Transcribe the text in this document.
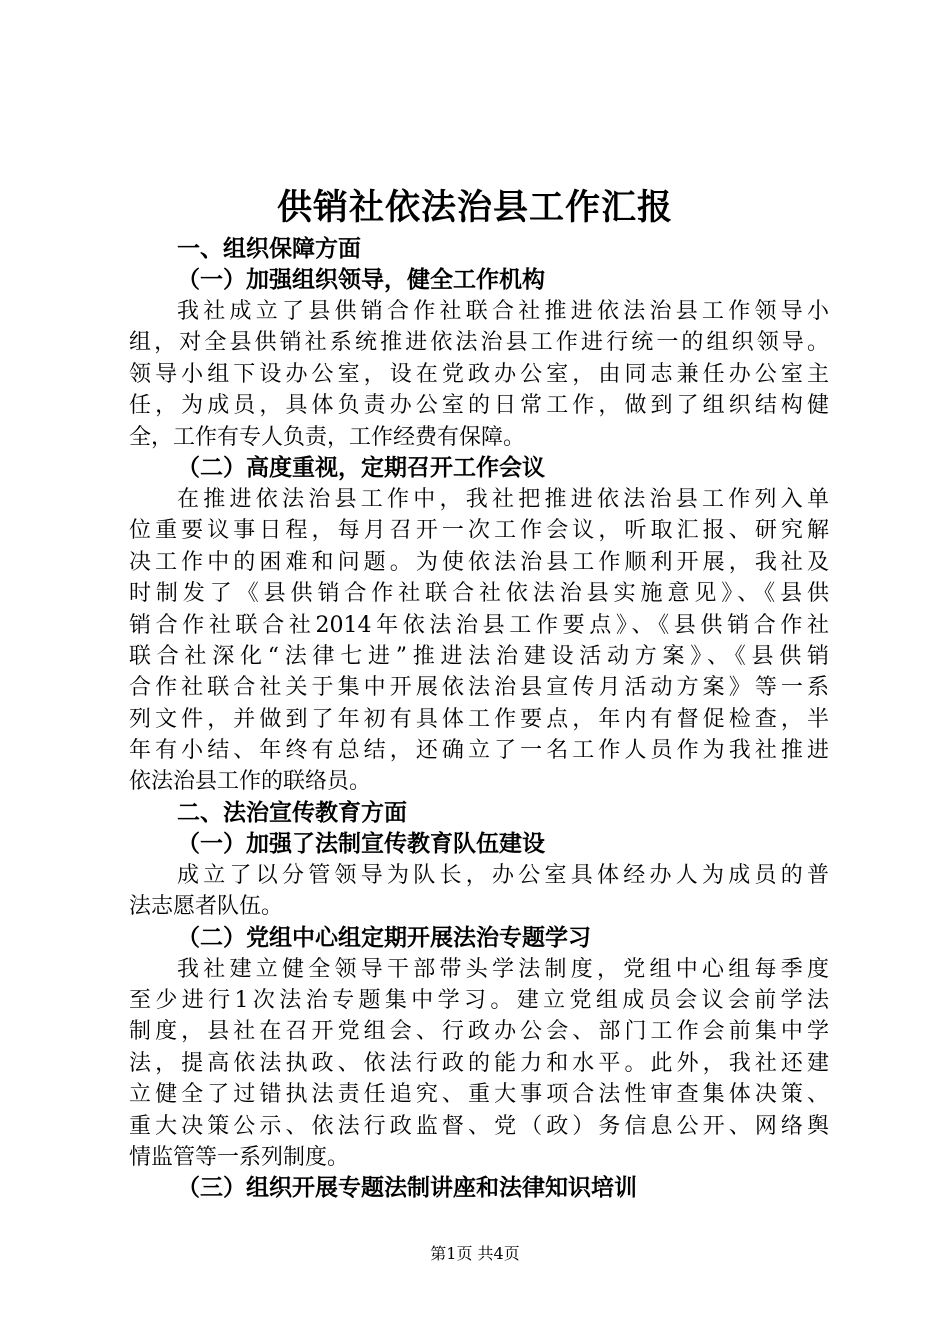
供销社依法治县工作汇报
一、组织保障方面
（一）加强组织领导，健全工作机构
我社成立了县供销合作社联合社推进依法治县工作领导小
组，对全县供销社系统推进依法治县工作进行统一的组织领导。
领导小组下设办公室，设在党政办公室，由同志兼任办公室主
任，为成员，具体负责办公室的日常工作，做到了组织结构健
全，工作有专人负责，工作经费有保障。
（二）高度重视，定期召开工作会议
在推进依法治县工作中，我社把推进依法治县工作列入单
位重要议事日程，每月召开一次工作会议，听取汇报、研究解
决工作中的困难和问题。为使依法治县工作顺利开展，我社及
时制发了《县供销合作社联合社依法治县实施意见》、《县供
销合作社联合社2014年依法治县工作要点》、《县供销合作社
联合社深化“法律七进”推进法治建设活动方案》、《县供销
合作社联合社关于集中开展依法治县宣传月活动方案》等一系
列文件，并做到了年初有具体工作要点，年内有督促检查，半
年有小结、年终有总结，还确立了一名工作人员作为我社推进
依法治县工作的联络员。
二、法治宣传教育方面
（一）加强了法制宣传教育队伍建设
成立了以分管领导为队长，办公室具体经办人为成员的普
法志愿者队伍。
（二）党组中心组定期开展法治专题学习
我社建立健全领导干部带头学法制度，党组中心组每季度
至少进行1次法治专题集中学习。建立党组成员会议会前学法
制度，县社在召开党组会、行政办公会、部门工作会前集中学
法，提高依法执政、依法行政的能力和水平。此外，我社还建
立健全了过错执法责任追究、重大事项合法性审查集体决策、
重大决策公示、依法行政监督、党（政）务信息公开、网络舆
情监管等一系列制度。
（三）组织开展专题法制讲座和法律知识培训
第1页 共4页
